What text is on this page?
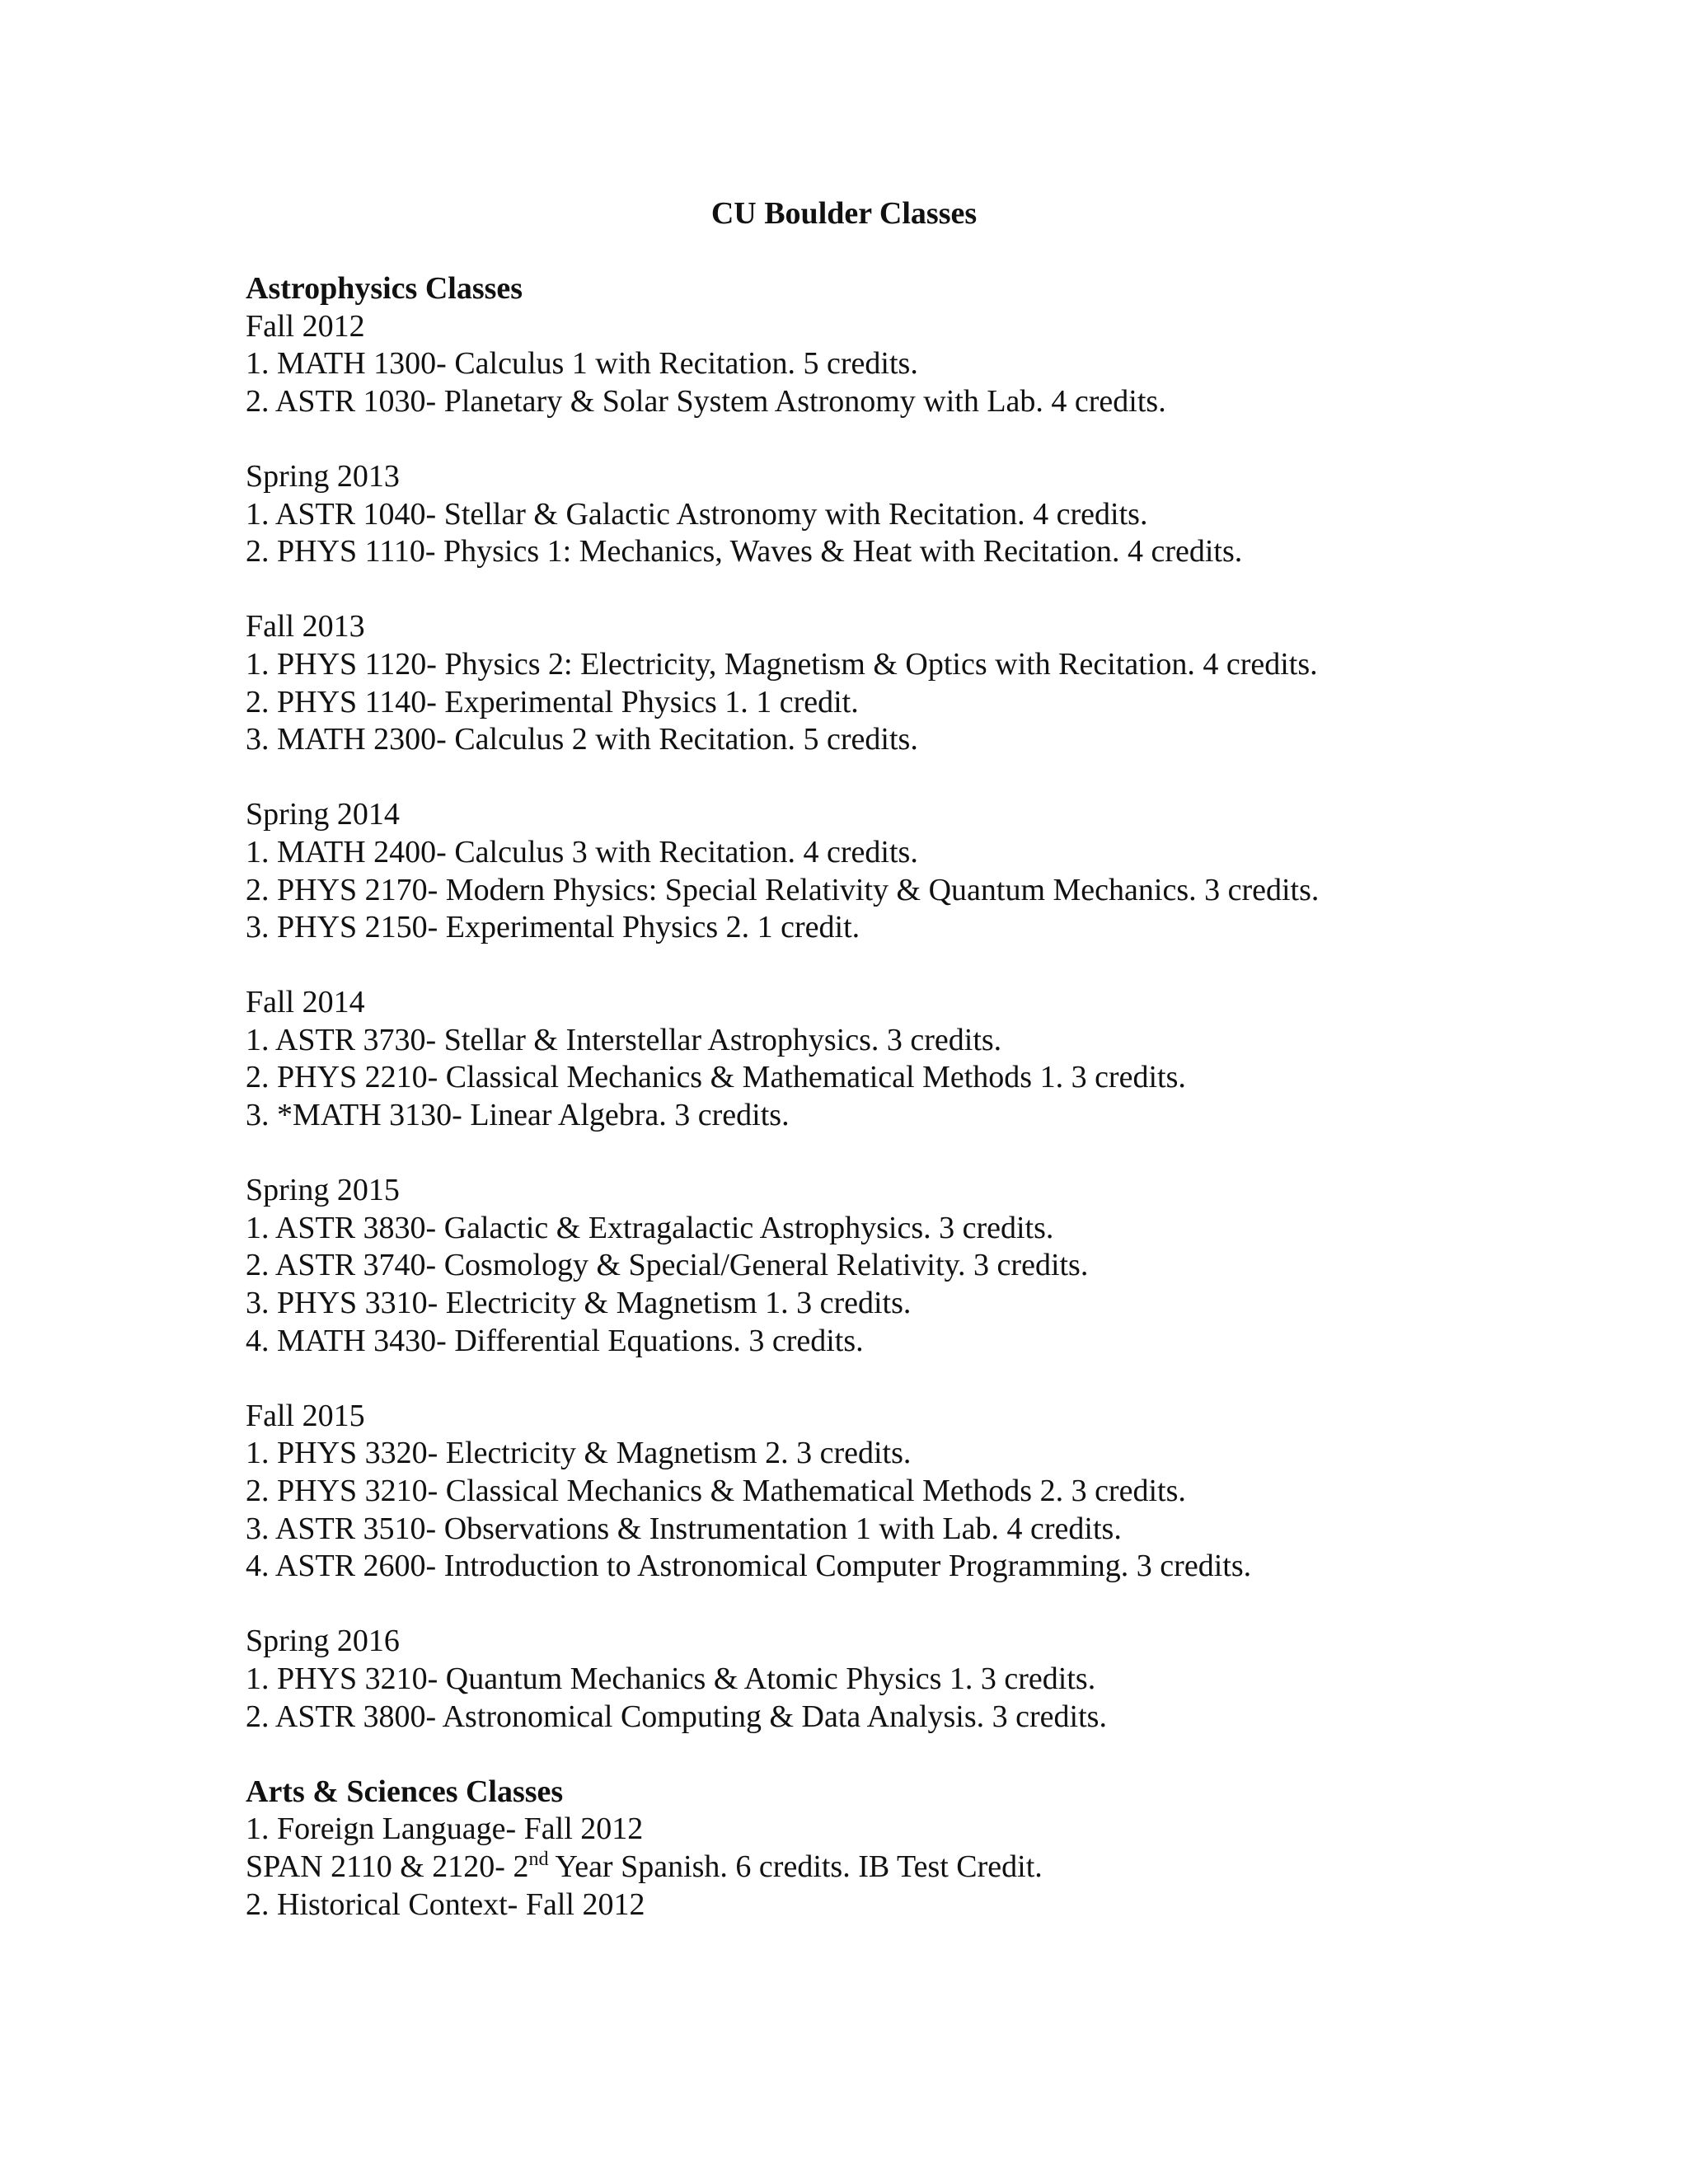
CU Boulder Classes
Astrophysics Classes
Fall 2012
1. MATH 1300- Calculus 1 with Recitation. 5 credits.
2. ASTR 1030- Planetary & Solar System Astronomy with Lab. 4 credits.
Spring 2013
1. ASTR 1040- Stellar & Galactic Astronomy with Recitation. 4 credits.
2. PHYS 1110- Physics 1: Mechanics, Waves & Heat with Recitation. 4 credits.
Fall 2013
1. PHYS 1120- Physics 2: Electricity, Magnetism & Optics with Recitation. 4 credits.
2. PHYS 1140- Experimental Physics 1. 1 credit.
3. MATH 2300- Calculus 2 with Recitation. 5 credits.
Spring 2014
1. MATH 2400- Calculus 3 with Recitation. 4 credits.
2. PHYS 2170- Modern Physics: Special Relativity & Quantum Mechanics. 3 credits.
3. PHYS 2150- Experimental Physics 2. 1 credit.
Fall 2014
1. ASTR 3730- Stellar & Interstellar Astrophysics. 3 credits.
2. PHYS 2210- Classical Mechanics & Mathematical Methods 1. 3 credits.
3. *MATH 3130- Linear Algebra. 3 credits.
Spring 2015
1. ASTR 3830- Galactic & Extragalactic Astrophysics. 3 credits.
2. ASTR 3740- Cosmology & Special/General Relativity. 3 credits.
3. PHYS 3310- Electricity & Magnetism 1. 3 credits.
4. MATH 3430- Differential Equations. 3 credits.
Fall 2015
1. PHYS 3320- Electricity & Magnetism 2. 3 credits.
2. PHYS 3210- Classical Mechanics & Mathematical Methods 2. 3 credits.
3. ASTR 3510- Observations & Instrumentation 1 with Lab. 4 credits.
4. ASTR 2600- Introduction to Astronomical Computer Programming. 3 credits.
Spring 2016
1. PHYS 3210- Quantum Mechanics & Atomic Physics 1. 3 credits.
2. ASTR 3800- Astronomical Computing & Data Analysis. 3 credits.
Arts & Sciences Classes
1. Foreign Language- Fall 2012
SPAN 2110 & 2120- 2nd Year Spanish. 6 credits. IB Test Credit.
2. Historical Context- Fall 2012
